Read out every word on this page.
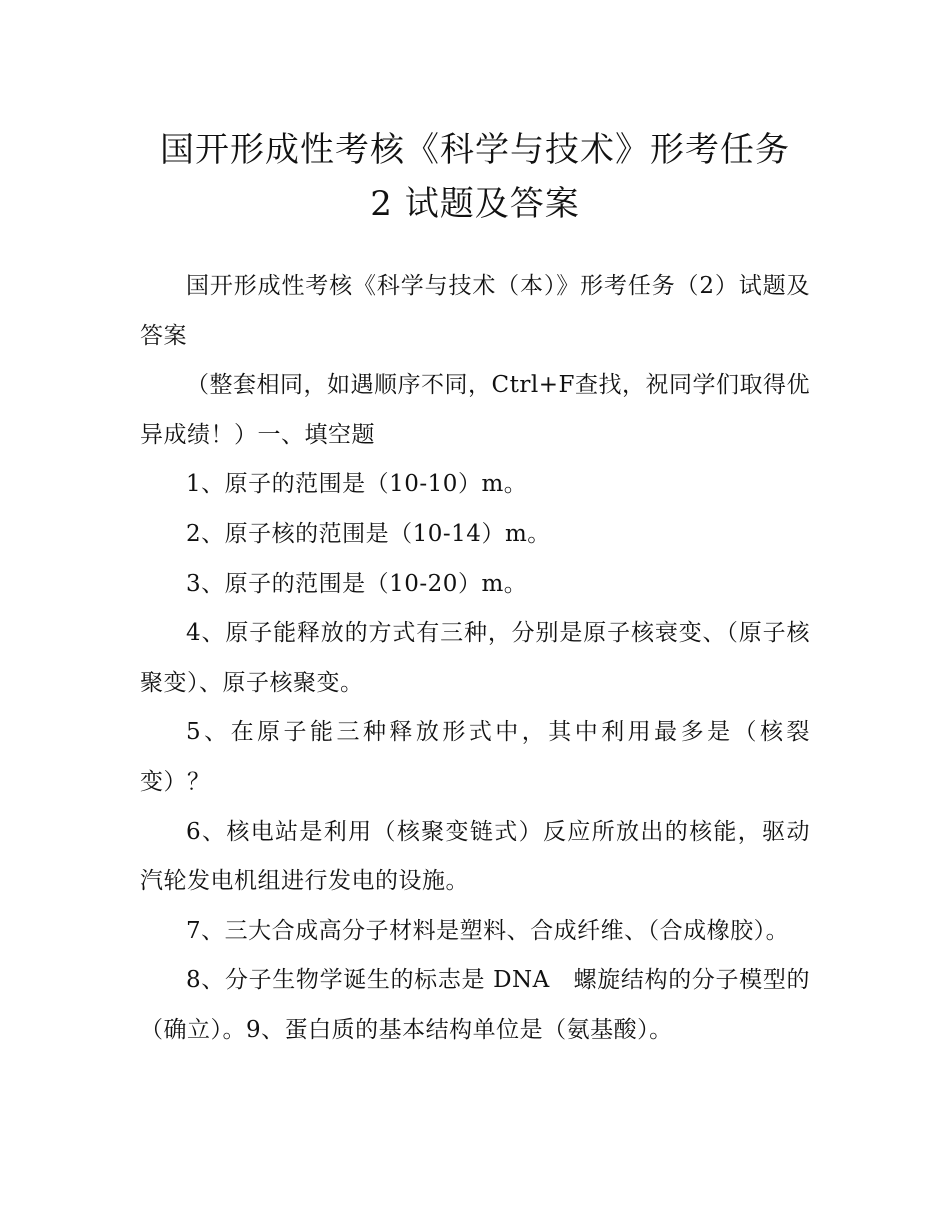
国开形成性考核《科学与技术》形考任务
2 试题及答案

国开形成性考核《科学与技术（本）》形考任务（2）试题及答案

（整套相同，如遇顺序不同，Ctrl+F查找，祝同学们取得优异成绩！）一、填空题

1、原子的范围是（10-10）m。

2、原子核的范围是（10-14）m。

3、原子的范围是（10-20）m。

4、原子能释放的方式有三种，分别是原子核衰变、（原子核聚变）、原子核聚变。

5、在原子能三种释放形式中，其中利用最多是（核裂变）？

6、核电站是利用（核聚变链式）反应所放出的核能，驱动汽轮发电机组进行发电的设施。

7、三大合成高分子材料是塑料、合成纤维、（合成橡胶）。

8、分子生物学诞生的标志是 DNA　螺旋结构的分子模型的（确立）。9、蛋白质的基本结构单位是（氨基酸）。
